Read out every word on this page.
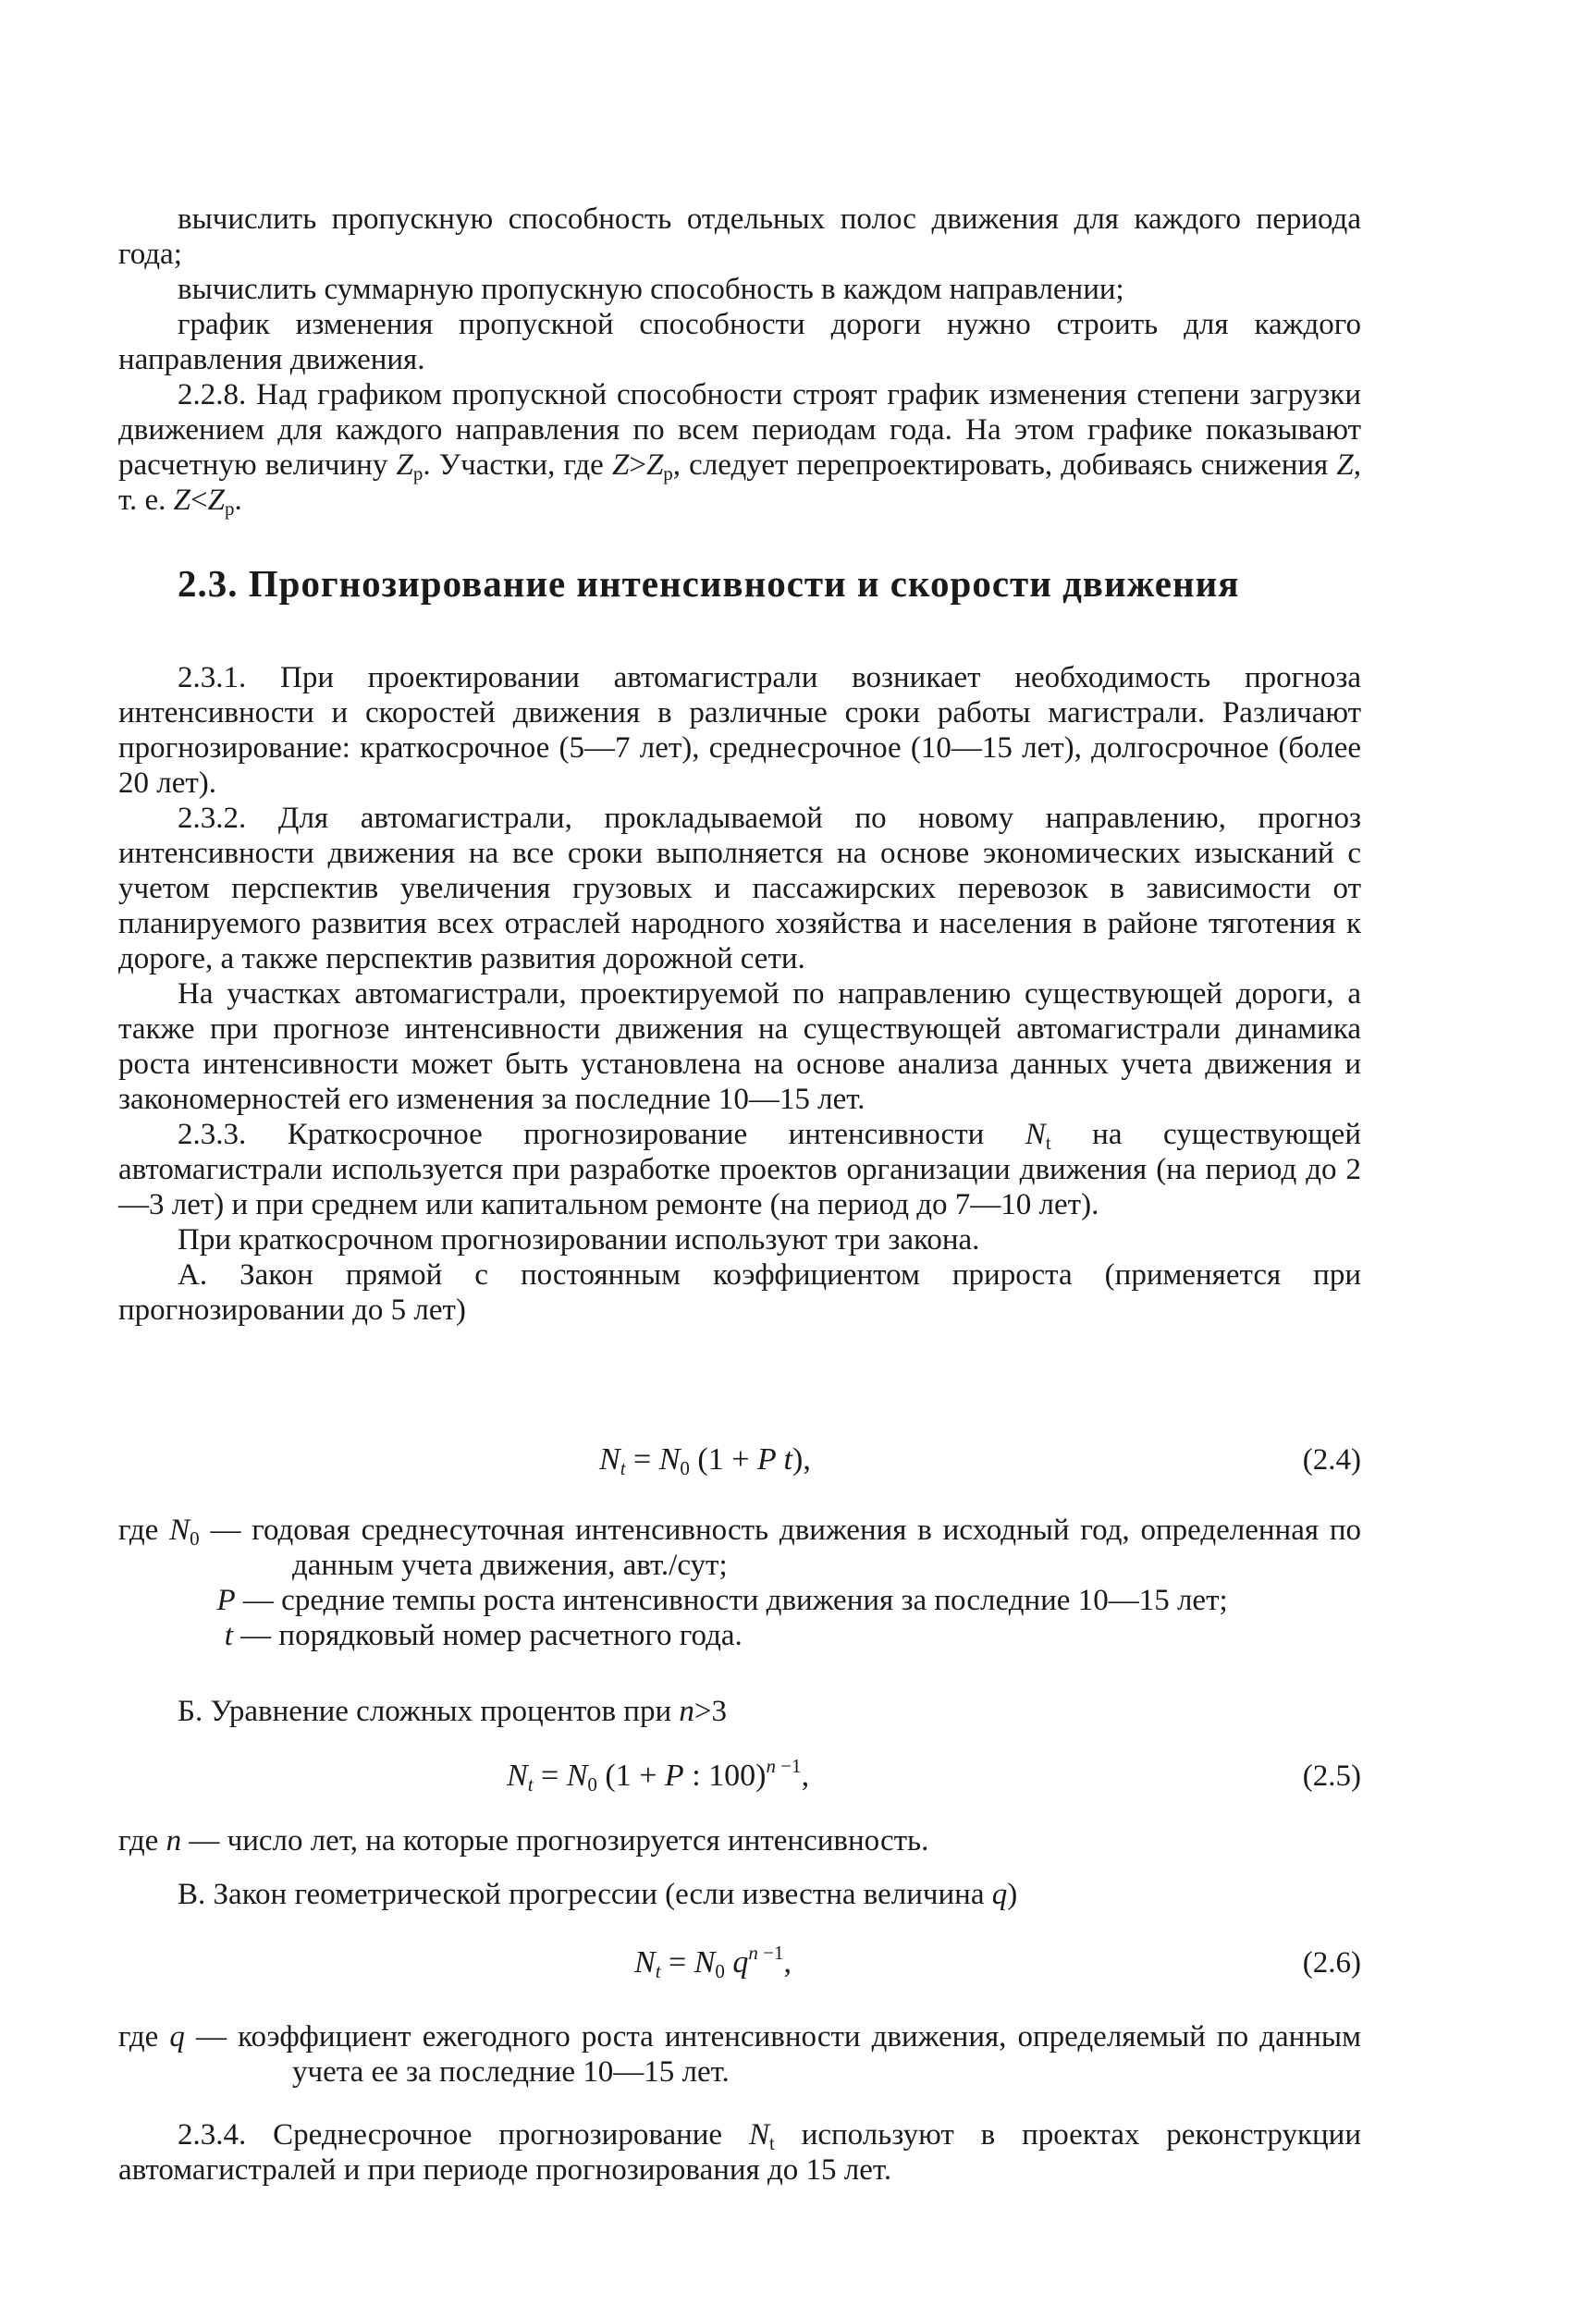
вычислить пропускную способность отдельных полос движения для каждого периода года;

вычислить суммарную пропускную способность в каждом направлении;

график изменения пропускной способности дороги нужно строить для каждого направления движения.

2.2.8. Над графиком пропускной способности строят график изменения степени загрузки движением для каждого направления по всем периодам года. На этом графике показывают расчетную величину $Z_р$. Участки, где $Z>Z_р$, следует перепроектировать, добиваясь снижения Z, т. е. $Z<Z_р$.

2.3. Прогнозирование интенсивности и скорости движения

2.3.1. При проектировании автомагистрали возникает необходимость прогноза интенсивности и скоростей движения в различные сроки работы магистрали. Различают прогнозирование: краткосрочное (5—7 лет), среднесрочное (10—15 лет), долгосрочное (более 20 лет).

2.3.2. Для автомагистрали, прокладываемой по новому направлению, прогноз интенсивности движения на все сроки выполняется на основе экономических изысканий с учетом перспектив увеличения грузовых и пассажирских перевозок в зависимости от планируемого развития всех отраслей народного хозяйства и населения в районе тяготения к дороге, а также перспектив развития дорожной сети.

На участках автомагистрали, проектируемой по направлению существующей дороги, а также при прогнозе интенсивности движения на существующей автомагистрали динамика роста интенсивности может быть установлена на основе анализа данных учета движения и закономерностей его изменения за последние 10—15 лет.

2.3.3. Краткосрочное прогнозирование интенсивности $N_t$ на существующей автомагистрали используется при разработке проектов организации движения (на период до 2—3 лет) и при среднем или капитальном ремонте (на период до 7—10 лет).

При краткосрочном прогнозировании используют три закона.

А. Закон прямой с постоянным коэффициентом прироста (применяется при прогнозировании до 5 лет)

$N_t = N_0$ (1 + P t),	(2.4)

где $N_0$ — годовая среднесуточная интенсивность движения в исходный год, определенная по данным учета движения, авт./сут;

P — средние темпы роста интенсивности движения за последние 10—15 лет;

t — порядковый номер расчетного года.

Б. Уравнение сложных процентов при n>3

$N_t = N_0$ (1 + P : 100)$^{n -1}$,	(2.5)

где n — число лет, на которые прогнозируется интенсивность.

В. Закон геометрической прогрессии (если известна величина q)

$N_t = N_0$ $q^{n -1}$,	(2.6)

где q — коэффициент ежегодного роста интенсивности движения, определяемый по данным учета ее за последние 10—15 лет.

2.3.4. Среднесрочное прогнозирование $N_t$ используют в проектах реконструкции автомагистралей и при периоде прогнозирования до 15 лет.
